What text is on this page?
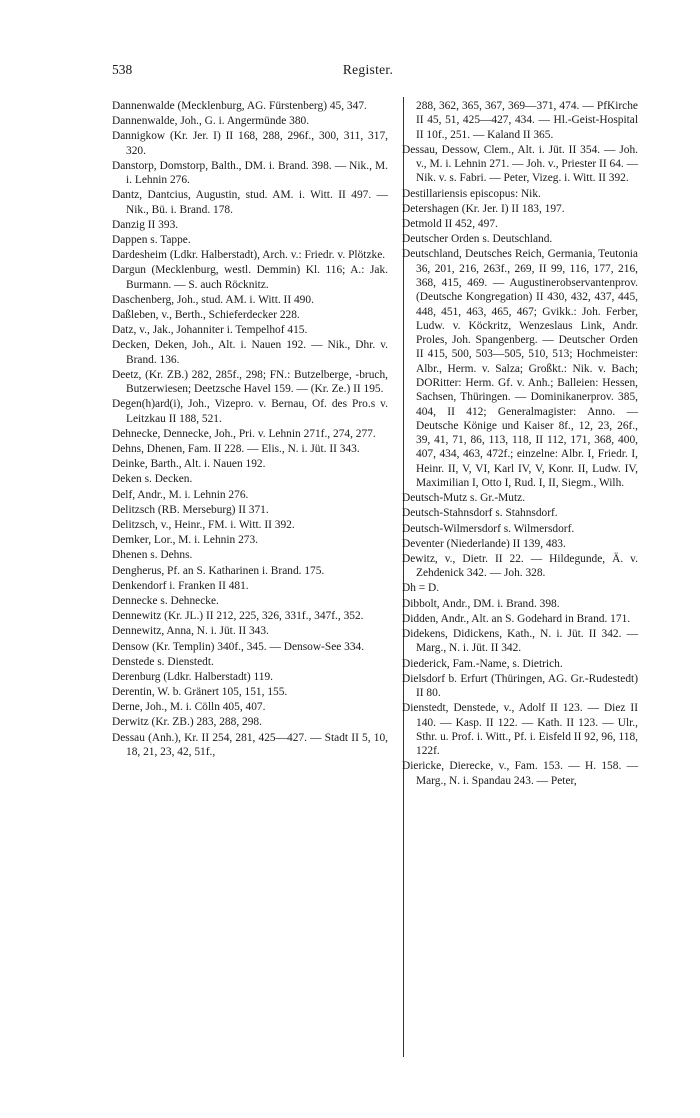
Register.
538

Dannenwalde (Mecklenburg, AG. Fürstenberg) 45, 347.

Dannenwalde, Joh., G. i. Angermünde 380.

Dannigkow (Kr. Jer. I) II 168, 288, 296f., 300, 311, 317, 320.

Danstorp, Domstorp, Balth., DM. i. Brand. 398. — Nik., M. i. Lehnin 276.

Dantz, Dantcius, Augustin, stud. AM. i. Witt. II 497. — Nik., Bü. i. Brand. 178.

Danzig II 393.

Dappen s. Tappe.

Dardesheim (Ldkr. Halberstadt), Arch. v.: Friedr. v. Plötzke.

Dargun (Mecklenburg, westl. Demmin) Kl. 116; A.: Jak. Burmann. — S. auch Röcknitz.

Daschenberg, Joh., stud. AM. i. Witt. II 490.

Daßleben, v., Berth., Schieferdecker 228.

Datz, v., Jak., Johanniter i. Tempelhof 415.

Decken, Deken, Joh., Alt. i. Nauen 192. — Nik., Dhr. v. Brand. 136.

Deetz, (Kr. ZB.) 282, 285f., 298; FN.: Butzelberge, -bruch, Butzerwiesen; Deetzsche Havel 159. — (Kr. Ze.) II 195.

Degen(h)ard(i), Joh., Vizepro. v. Bernau, Of. des Pro.s v. Leitzkau II 188, 521.

Dehnecke, Dennecke, Joh., Pri. v. Lehnin 271f., 274, 277.

Dehns, Dhenen, Fam. II 228. — Elis., N. i. Jüt. II 343.

Deinke, Barth., Alt. i. Nauen 192.

Deken s. Decken.

Delf, Andr., M. i. Lehnin 276.

Delitzsch (RB. Merseburg) II 371.

Delitzsch, v., Heinr., FM. i. Witt. II 392.

Demker, Lor., M. i. Lehnin 273.

Dhenen s. Dehns.

Dengherus, Pf. an S. Katharinen i. Brand. 175.

Denkendorf i. Franken II 481.

Dennecke s. Dehnecke.

Dennewitz (Kr. JL.) II 212, 225, 326, 331f., 347f., 352.

Dennewitz, Anna, N. i. Jüt. II 343.

Densow (Kr. Templin) 340f., 345. — Densow-See 334.

Denstede s. Dienstedt.

Derenburg (Ldkr. Halberstadt) 119.

Derentin, W. b. Gränert 105, 151, 155.

Derne, Joh., M. i. Cölln 405, 407.

Derwitz (Kr. ZB.) 283, 288, 298.

Dessau (Anh.), Kr. II 254, 281, 425—427. — Stadt II 5, 10, 18, 21, 23, 42, 51f.,

288, 362, 365, 367, 369—371, 474. — PfKirche II 45, 51, 425—427, 434. — Hl.-Geist-Hospital II 10f., 251. — Kaland II 365.

Dessau, Dessow, Clem., Alt. i. Jüt. II 354. — Joh. v., M. i. Lehnin 271. — Joh. v., Priester II 64. — Nik. v. s. Fabri. — Peter, Vizeg. i. Witt. II 392.

Destillariensis episcopus: Nik.

Detershagen (Kr. Jer. I) II 183, 197.

Detmold II 452, 497.

Deutscher Orden s. Deutschland.

Deutschland, Deutsches Reich, Germania, Teutonia 36, 201, 216, 263f., 269, II 99, 116, 177, 216, 368, 415, 469. — Augustinerobservantenprov. (Deutsche Kongregation) II 430, 432, 437, 445, 448, 451, 463, 465, 467; Gvikk.: Joh. Ferber, Ludw. v. Köckritz, Wenzeslaus Link, Andr. Proles, Joh. Spangenberg. — Deutscher Orden II 415, 500, 503—505, 510, 513; Hochmeister: Albr., Herm. v. Salza; Großkt.: Nik. v. Bach; DORitter: Herm. Gf. v. Anh.; Balleien: Hessen, Sachsen, Thüringen. — Dominikanerprov. 385, 404, II 412; Generalmagister: Anno. — Deutsche Könige und Kaiser 8f., 12, 23, 26f., 39, 41, 71, 86, 113, 118, II 112, 171, 368, 400, 407, 434, 463, 472f.; einzelne: Albr. I, Friedr. I, Heinr. II, V, VI, Karl IV, V, Konr. II, Ludw. IV, Maximilian I, Otto I, Rud. I, II, Siegm., Wilh.

Deutsch-Mutz s. Gr.-Mutz.

Deutsch-Stahnsdorf s. Stahnsdorf.

Deutsch-Wilmersdorf s. Wilmersdorf.

Deventer (Niederlande) II 139, 483.

Dewitz, v., Dietr. II 22. — Hildegunde, Ä. v. Zehdenick 342. — Joh. 328.

Dh = D.

Dibbolt, Andr., DM. i. Brand. 398.

Didden, Andr., Alt. an S. Godehard in Brand. 171.

Didekens, Didickens, Kath., N. i. Jüt. II 342. — Marg., N. i. Jüt. II 342.

Diederick, Fam.-Name, s. Dietrich.

Dielsdorf b. Erfurt (Thüringen, AG. Gr.-Rudestedt) II 80.

Dienstedt, Denstede, v., Adolf II 123. — Diez II 140. — Kasp. II 122. — Kath. II 123. — Ulr., Sthr. u. Prof. i. Witt., Pf. i. Eisfeld II 92, 96, 118, 122f.

Diericke, Dierecke, v., Fam. 153. — H. 158. — Marg., N. i. Spandau 243. — Peter,
